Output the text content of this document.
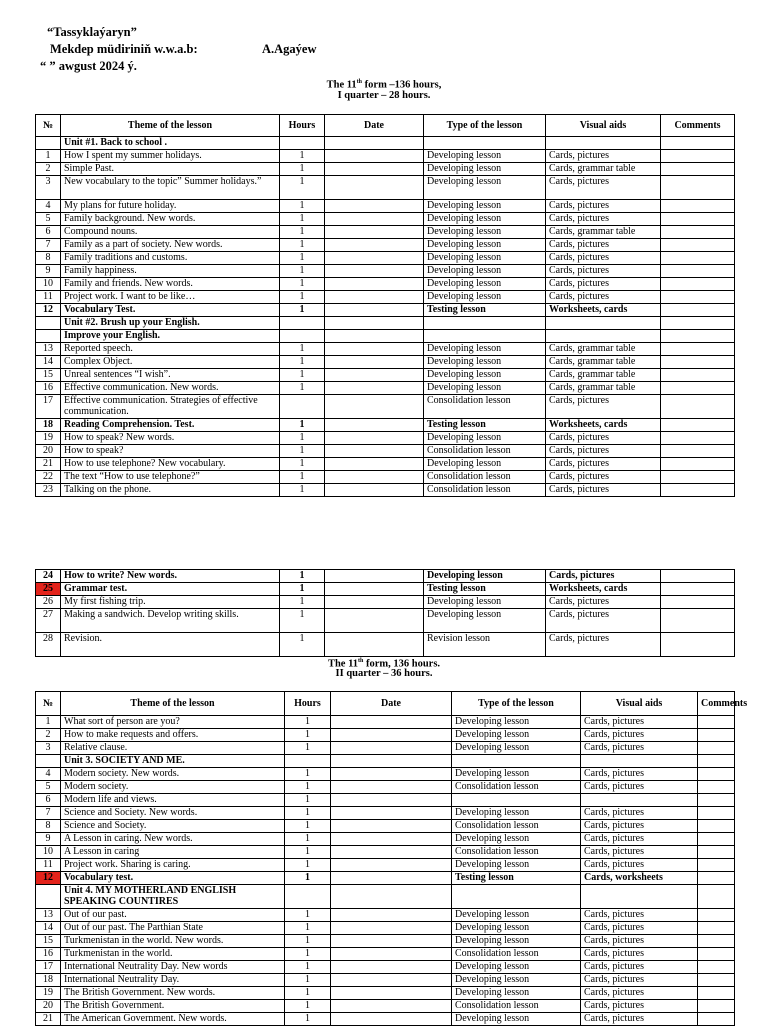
“Tassyklaýaryn”
Mekdep müdiriniň w.w.a.b:	A.Agaýew
“ ” awgust 2024 ý.
The 11th form –136 hours,
I quarter – 28 hours.
№	Theme of the lesson	Hours	Date	Type of the lesson	Visual aids	Comments
	Unit #1. Back to school .					
1	How I spent my summer holidays.	1		Developing lesson	Cards, pictures	
2	Simple Past.	1		Developing lesson	Cards, grammar table	
3	New vocabulary to the topic” Summer holidays.”	1		Developing lesson	Cards, pictures	
4	My plans for future holiday.	1		Developing lesson	Cards, pictures	
5	Family background. New words.	1		Developing lesson	Cards, pictures	
6	Compound nouns.	1		Developing lesson	Cards, grammar table	
7	Family as a part of society. New words.	1		Developing lesson	Cards, pictures	
8	Family traditions and customs.	1		Developing lesson	Cards, pictures	
9	Family happiness.	1		Developing lesson	Cards, pictures	
10	Family and friends. New words.	1		Developing lesson	Cards, pictures	
11	Project work. I want to be like…	1		Developing lesson	Cards, pictures	
12	Vocabulary Test.	1		Testing lesson	Worksheets, cards	
	Unit #2. Brush up your English.					
	Improve your English.					
13	Reported speech.	1		Developing lesson	Cards, grammar table	
14	Complex Object.	1		Developing lesson	Cards, grammar table	
15	Unreal sentences “I wish”.	1		Developing lesson	Cards, grammar table	
16	Effective communication. New words.	1		Developing lesson	Cards, grammar table	
17	Effective communication. Strategies of effective communication.			Consolidation lesson	Cards, pictures	
18	Reading Comprehension. Test.	1		Testing lesson	Worksheets, cards	
19	How to speak? New words.	1		Developing lesson	Cards, pictures	
20	How to speak?	1		Consolidation lesson	Cards, pictures	
21	How to use telephone? New vocabulary.	1		Developing lesson	Cards, pictures	
22	The text “How to use telephone?”	1		Consolidation lesson	Cards, pictures	
23	Talking on the phone.	1		Consolidation lesson	Cards, pictures	
24	How to write? New words.	1		Developing lesson	Cards, pictures	
25	Grammar test.	1		Testing lesson	Worksheets, cards	
26	My first fishing trip.	1		Developing lesson	Cards, pictures	
27	Making a sandwich. Develop writing skills.	1		Developing lesson	Cards, pictures	
28	Revision.	1		Revision lesson	Cards, pictures	
The 11th form, 136 hours.
II quarter – 36 hours.
№	Theme of the lesson	Hours	Date	Type of the lesson	Visual aids	Comments
1	What sort of person are you?	1		Developing lesson	Cards, pictures	
2	How to make requests and offers.	1		Developing lesson	Cards, pictures	
3	Relative clause.	1		Developing lesson	Cards, pictures	
	Unit 3. SOCIETY AND ME.					
4	Modern society. New words.	1		Developing lesson	Cards, pictures	
5	Modern society.	1		Consolidation lesson	Cards, pictures	
6	Modern life and views.	1				
7	Science and Society. New words.	1		Developing lesson	Cards, pictures	
8	Science and Society.	1		Consolidation lesson	Cards, pictures	
9	A Lesson in caring. New words.	1		Developing lesson	Cards, pictures	
10	A Lesson in caring	1		Consolidation lesson	Cards, pictures	
11	Project work. Sharing is caring.	1		Developing lesson	Cards, pictures	
12	Vocabulary test.	1		Testing lesson	Cards, worksheets	
	Unit 4. MY MOTHERLAND ENGLISH SPEAKING COUNTIRES					
13	Out of our past.	1		Developing lesson	Cards, pictures	
14	Out of our past. The Parthian State	1		Developing lesson	Cards, pictures	
15	Turkmenistan in the world. New words.	1		Developing lesson	Cards, pictures	
16	Turkmenistan in the world.	1		Consolidation lesson	Cards, pictures	
17	International Neutrality Day. New words	1		Developing lesson	Cards, pictures	
18	International Neutrality Day.	1		Developing lesson	Cards, pictures	
19	The British Government. New words.	1		Developing lesson	Cards, pictures	
20	The British Government.	1		Consolidation lesson	Cards, pictures	
21	The American Government. New words.	1		Developing lesson	Cards, pictures	
